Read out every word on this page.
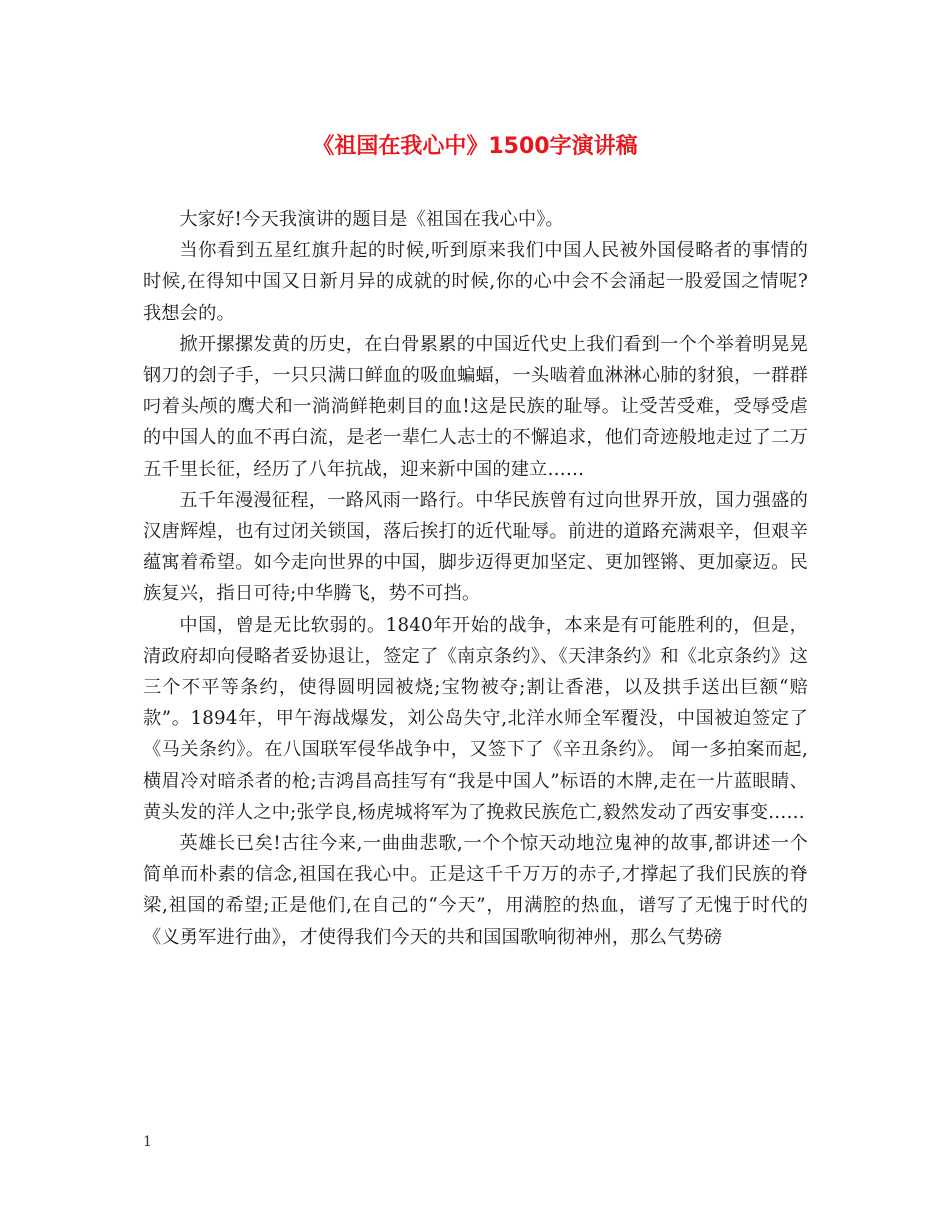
《祖国在我心中》1500字演讲稿

大家好!今天我演讲的题目是《祖国在我心中》。

当你看到五星红旗升起的时候,听到原来我们中国人民被外国侵略者的事情的时候,在得知中国又日新月异的成就的时候,你的心中会不会涌起一股爱国之情呢?我想会的。

掀开摞摞发黄的历史，在白骨累累的中国近代史上我们看到一个个举着明晃晃钢刀的刽子手，一只只满口鲜血的吸血蝙蝠，一头啮着血淋淋心肺的豺狼，一群群叼着头颅的鹰犬和一淌淌鲜艳刺目的血!这是民族的耻辱。让受苦受难，受辱受虐的中国人的血不再白流，是老一辈仁人志士的不懈追求，他们奇迹般地走过了二万五千里长征，经历了八年抗战，迎来新中国的建立……

五千年漫漫征程，一路风雨一路行。中华民族曾有过向世界开放，国力强盛的汉唐辉煌，也有过闭关锁国，落后挨打的近代耻辱。前进的道路充满艰辛，但艰辛蕴寓着希望。如今走向世界的中国，脚步迈得更加坚定、更加铿锵、更加豪迈。民族复兴，指日可待;中华腾飞，势不可挡。

中国，曾是无比软弱的。1840年开始的战争，本来是有可能胜利的，但是，清政府却向侵略者妥协退让，签定了《南京条约》、《天津条约》和《北京条约》这三个不平等条约，使得圆明园被烧;宝物被夺;割让香港，以及拱手送出巨额“赔款”。1894年，甲午海战爆发，刘公岛失守,北洋水师全军覆没，中国被迫签定了《马关条约》。在八国联军侵华战争中，又签下了《辛丑条约》。 闻一多拍案而起,横眉冷对暗杀者的枪;吉鸿昌高挂写有“我是中国人”标语的木牌,走在一片蓝眼睛、黄头发的洋人之中;张学良,杨虎城将军为了挽救民族危亡,毅然发动了西安事变……

英雄长已矣!古往今来,一曲曲悲歌,一个个惊天动地泣鬼神的故事,都讲述一个简单而朴素的信念,祖国在我心中。正是这千千万万的赤子,才撑起了我们民族的脊梁,祖国的希望;正是他们,在自己的“今天”，用满腔的热血，谱写了无愧于时代的《义勇军进行曲》，才使得我们今天的共和国国歌响彻神州，那么气势磅

1
